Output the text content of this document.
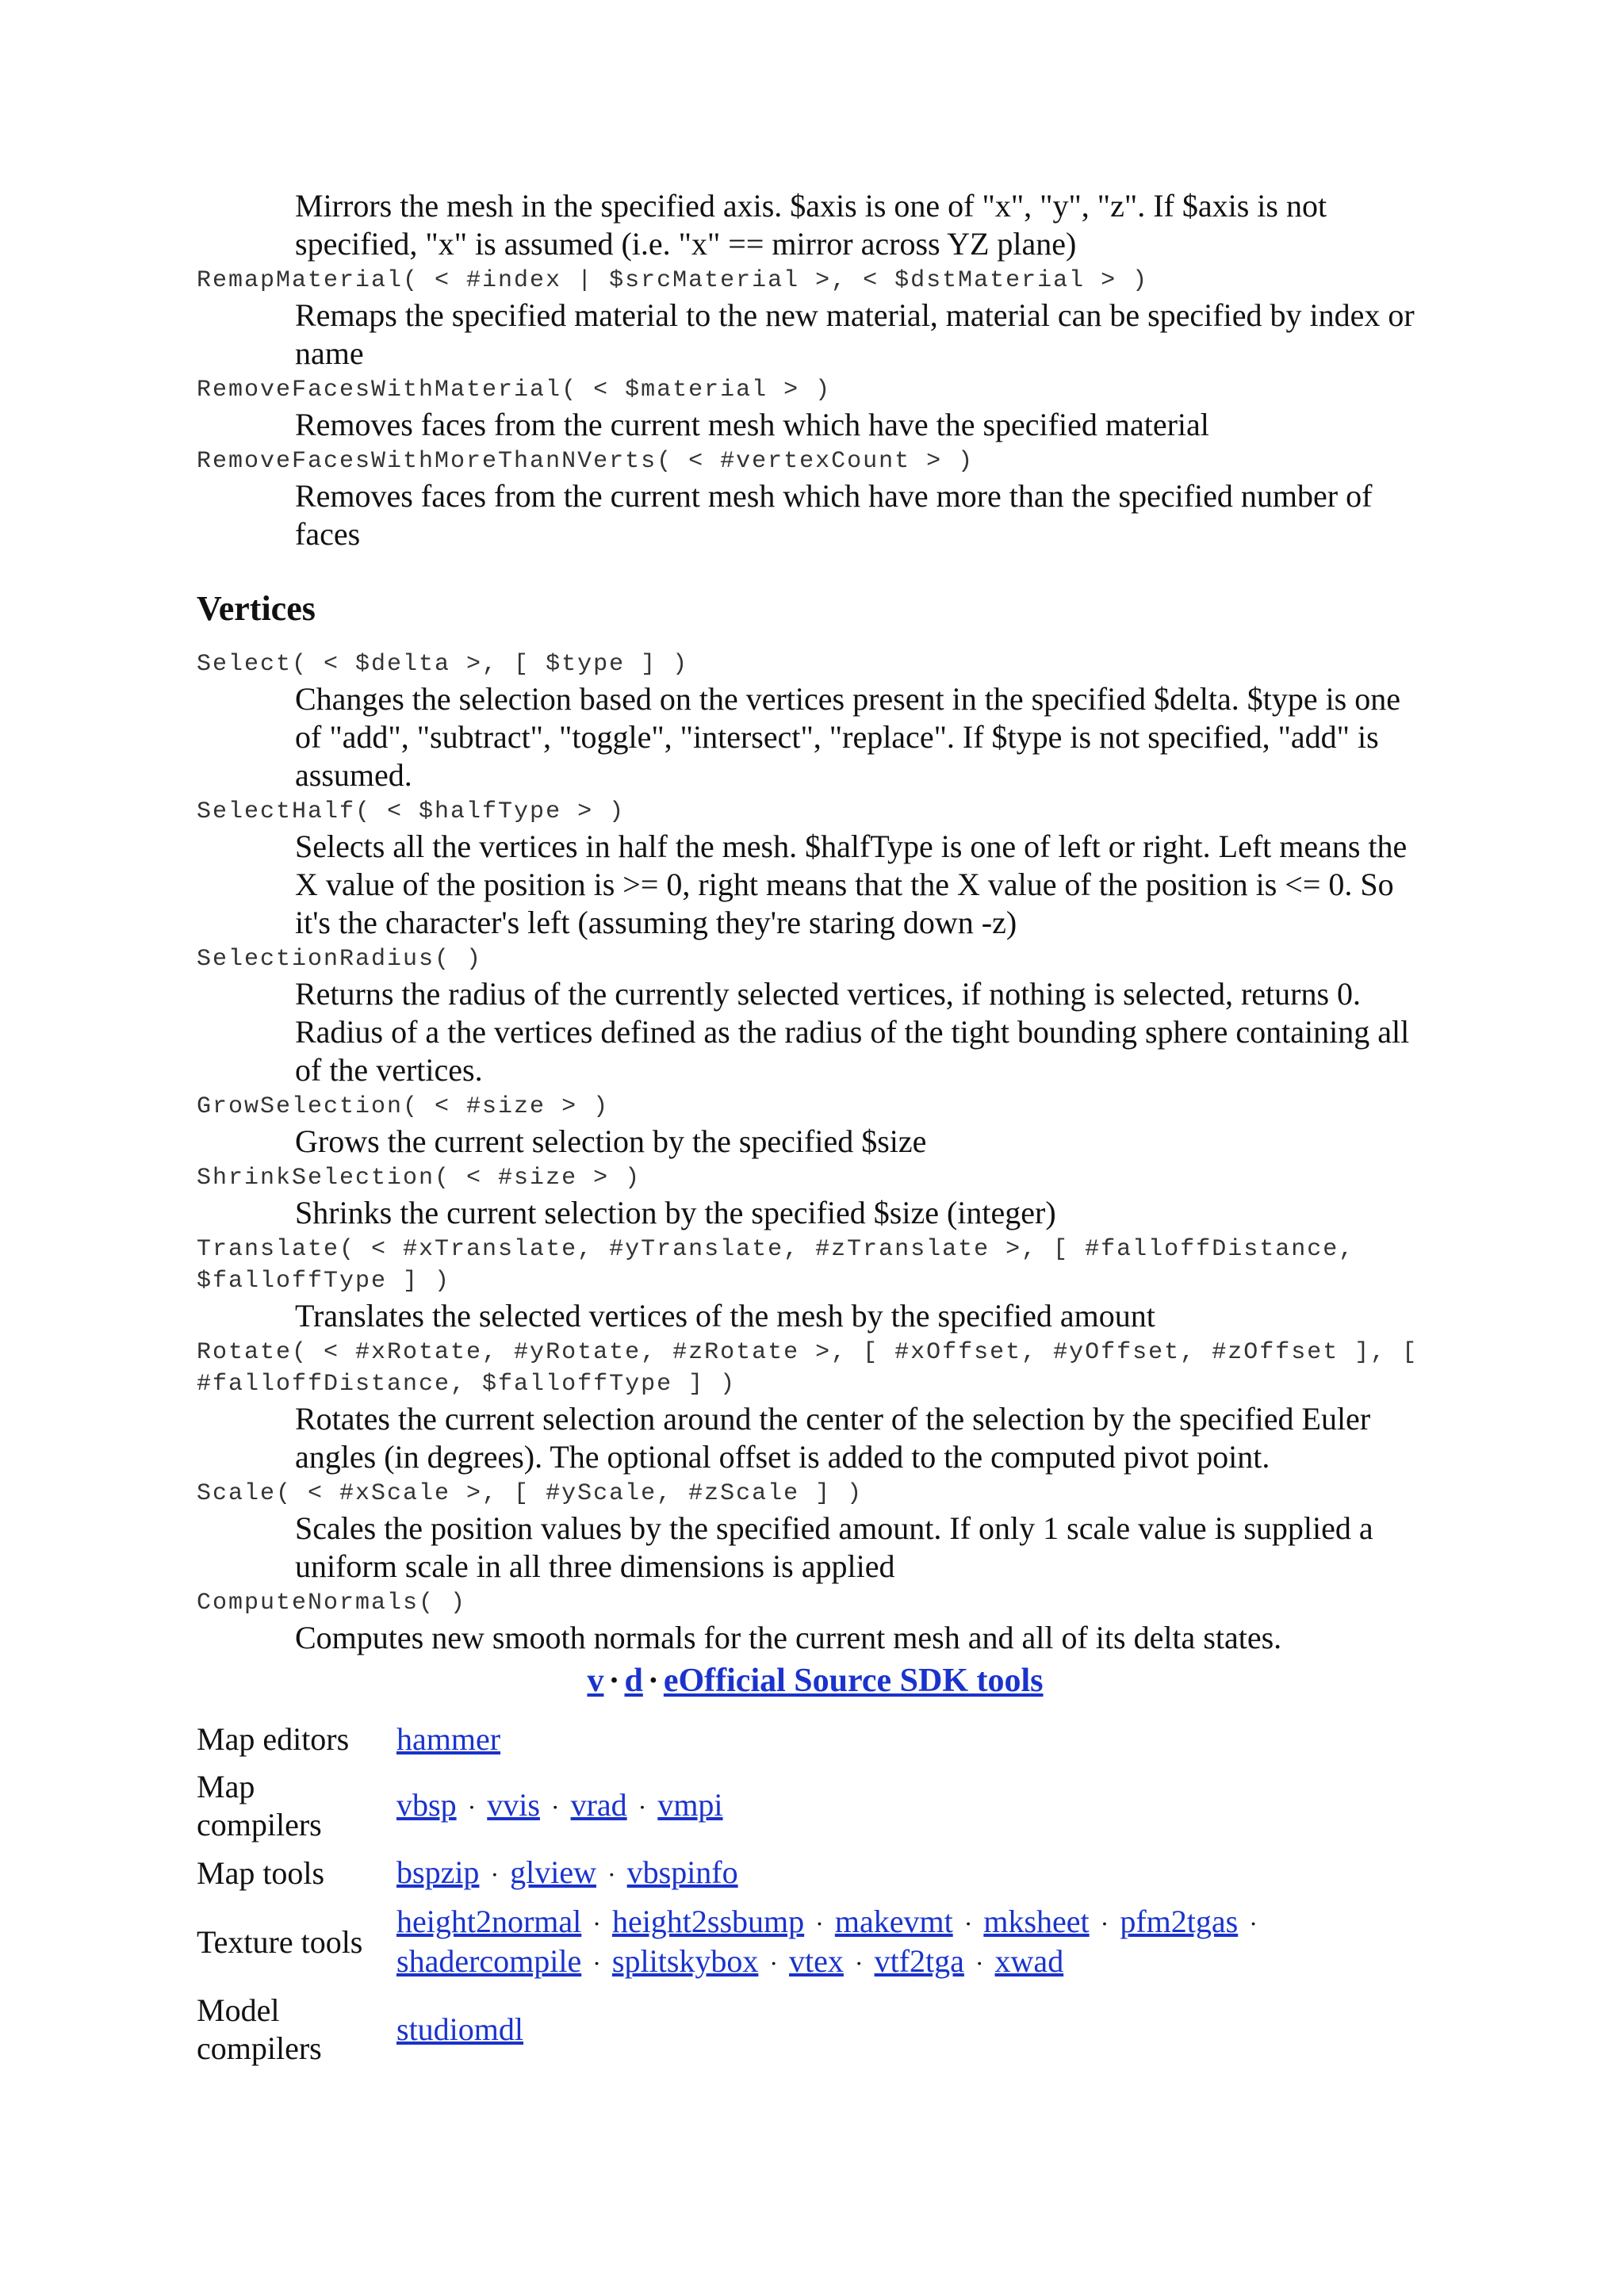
Mirrors the mesh in the specified axis. $axis is one of "x", "y", "z". If $axis is not specified, "x" is assumed (i.e. "x" == mirror across YZ plane)
RemapMaterial( < #index | $srcMaterial >, < $dstMaterial > )
Remaps the specified material to the new material, material can be specified by index or name
RemoveFacesWithMaterial( < $material > )
Removes faces from the current mesh which have the specified material
RemoveFacesWithMoreThanNVerts( < #vertexCount > )
Removes faces from the current mesh which have more than the specified number of faces
Vertices
Select( < $delta >, [ $type ] )
Changes the selection based on the vertices present in the specified $delta. $type is one of "add", "subtract", "toggle", "intersect", "replace". If $type is not specified, "add" is assumed.
SelectHalf( < $halfType > )
Selects all the vertices in half the mesh. $halfType is one of left or right. Left means the X value of the position is >= 0, right means that the X value of the position is <= 0. So it's the character's left (assuming they're staring down -z)
SelectionRadius( )
Returns the radius of the currently selected vertices, if nothing is selected, returns 0. Radius of a the vertices defined as the radius of the tight bounding sphere containing all of the vertices.
GrowSelection( < #size > )
Grows the current selection by the specified $size
ShrinkSelection( < #size > )
Shrinks the current selection by the specified $size (integer)
Translate( < #xTranslate, #yTranslate, #zTranslate >, [ #falloffDistance, $falloffType ] )
Translates the selected vertices of the mesh by the specified amount
Rotate( < #xRotate, #yRotate, #zRotate >, [ #xOffset, #yOffset, #zOffset ], [ #falloffDistance, $falloffType ] )
Rotates the current selection around the center of the selection by the specified Euler angles (in degrees). The optional offset is added to the computed pivot point.
Scale( < #xScale >, [ #yScale, #zScale ] )
Scales the position values by the specified amount. If only 1 scale value is supplied a uniform scale in all three dimensions is applied
ComputeNormals( )
Computes new smooth normals for the current mesh and all of its delta states.
v · d · eOfficial Source SDK tools
Map editors	hammer
Map compilers	vbsp · vvis · vrad · vmpi
Map tools	bspzip · glview · vbspinfo
Texture tools	height2normal · height2ssbump · makevmt · mksheet · pfm2tgas ·
shadercompile · splitskybox · vtex · vtf2tga · xwad
Model compilers	studiomdl
